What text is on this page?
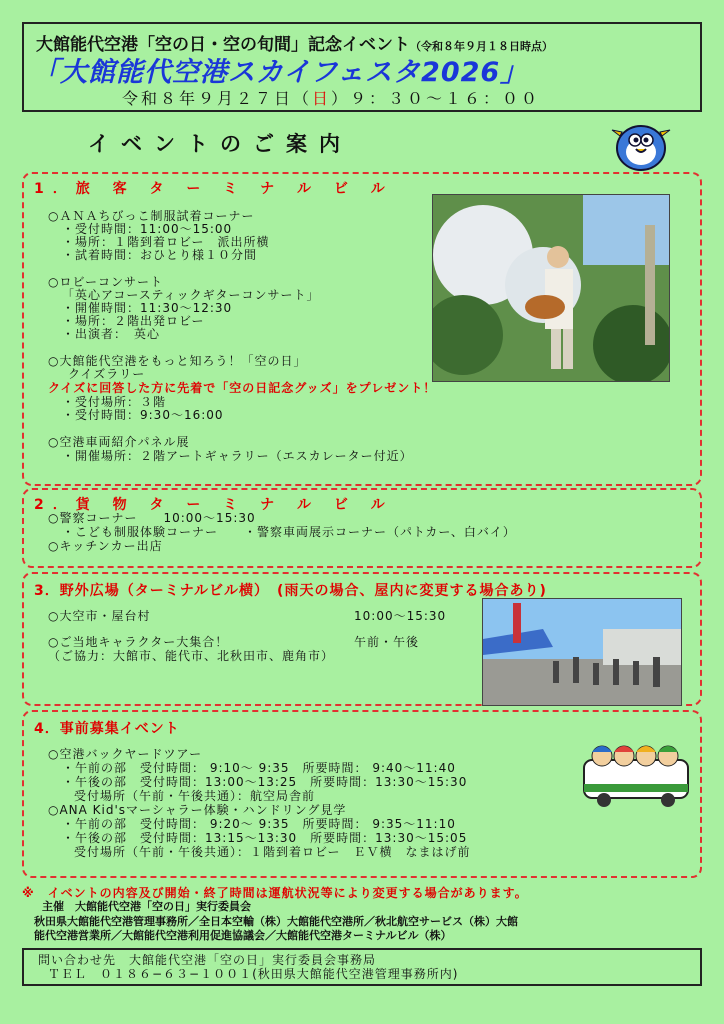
大館能代空港「空の日・空の旬間」記念イベント（令和８年９月１８日時点）
「大館能代空港スカイフェスタ2026」
令和８年９月２７日（日）９：３０〜１６：００
イベントのご案内
1．旅 客 タ ー ミ ナ ル ビ ル
○ＡＮＡちびっこ制服試着コーナー
・受付時間：11:00〜15:00
・場所：１階到着ロビー　派出所横
・試着時間：おひとり様１０分間
○ロビーコンサート
「英心アコースティックギターコンサート」
・開催時間：11:30〜12:30
・場所：２階出発ロビー
・出演者：　英心
○大館能代空港をもっと知ろう！「空の日」
クイズラリー
クイズに回答した方に先着で「空の日記念グッズ」をプレゼント！
・受付場所：３階
・受付時間：9:30〜16:00
○空港車両紹介パネル展
・開催場所：２階アートギャラリー（エスカレーター付近）
2．貨 物 タ ー ミ ナ ル ビ ル
○警察コーナー　　10:00〜15:30
・こども制服体験コーナー　　・警察車両展示コーナー（パトカー、白バイ）
○キッチンカー出店
3．野外広場（ターミナルビル横）　(雨天の場合、屋内に変更する場合あり)
○大空市・屋台村	10:00〜15:30
○ご当地キャラクター大集合！	午前・午後
（ご協力：大館市、能代市、北秋田市、鹿角市）
4．事前募集イベント
○空港バックヤードツアー
・午前の部　受付時間： 9:10〜 9:35　所要時間： 9:40〜11:40
・午後の部　受付時間：13:00〜13:25　所要時間：13:30〜15:30
受付場所（午前・午後共通）：航空局舎前
○ANA Kid'sマーシャラー体験・ハンドリング見学
・午前の部　受付時間： 9:20〜 9:35　所要時間： 9:35〜11:10
・午後の部　受付時間：13:15〜13:30　所要時間：13:30〜15:05
受付場所（午前・午後共通）：１階到着ロビー　ＥＶ横　なまはげ前
※　イベントの内容及び開始・終了時間は運航状況等により変更する場合があります。
主催　大館能代空港「空の日」実行委員会
秋田県大館能代空港管理事務所／全日本空輸（株）大館能代空港所／秋北航空サービス（株）大館
能代空港営業所／大館能代空港利用促進協議会／大館能代空港ターミナルビル（株）
問い合わせ先　大館能代空港「空の日」実行委員会事務局
ＴＥＬ　０１８６−６３−１００１(秋田県大館能代空港管理事務所内)
